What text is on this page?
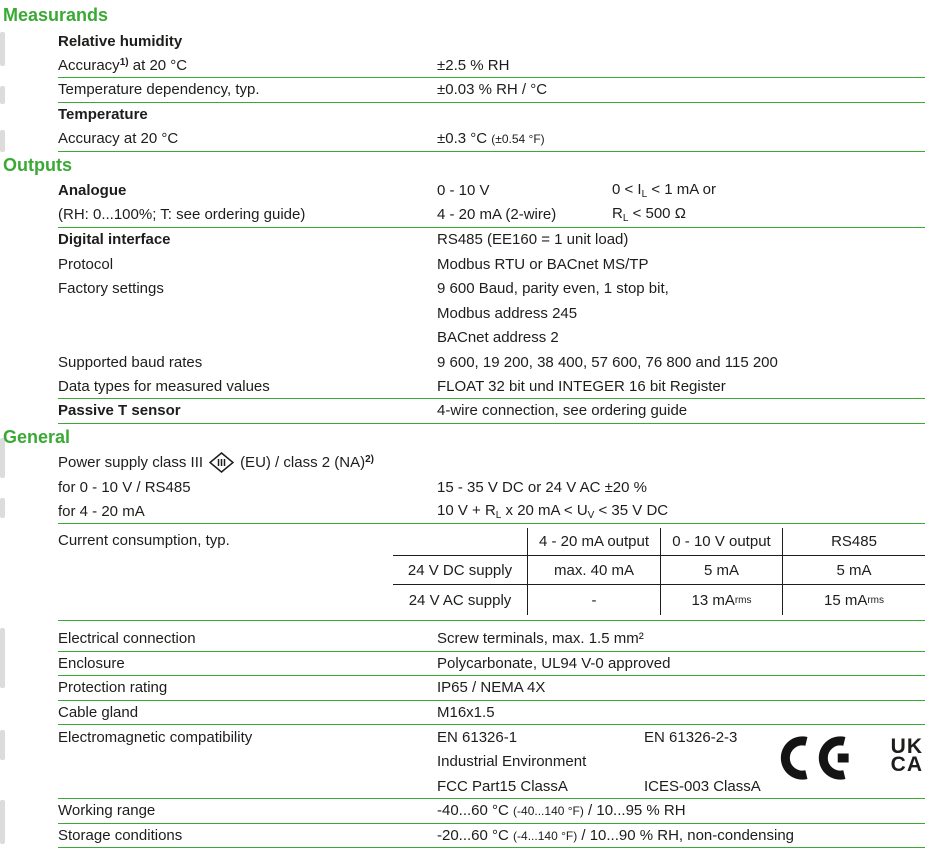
Measurands
Relative humidity
Accuracy$^{1)}$ at 20 °C	±2.5 % RH
Temperature dependency, typ.	±0.03 % RH / °C
Temperature
Accuracy at 20 °C	±0.3 °C (±0.54 °F)
Outputs
Analogue	0 - 10 V	$0 < I_L < 1$ mA or
(RH: 0...100%; T: see ordering guide)	4 - 20 mA (2-wire)	$R_L < 500$ Ω
Digital interface	RS485 (EE160 = 1 unit load)
Protocol	Modbus RTU or BACnet MS/TP
Factory settings	9 600 Baud, parity even, 1 stop bit,
Modbus address 245
BACnet address 2
Supported baud rates	9 600, 19 200, 38 400, 57 600, 76 800 and 115 200
Data types for measured values	FLOAT 32 bit und INTEGER 16 bit Register
Passive T sensor	4-wire connection, see ordering guide
General
Power supply class III (EU) / class 2 (NA)$^{2)}$
for 0 - 10 V / RS485	15 - 35 V DC or 24 V AC ±20 %
for 4 - 20 mA	10 $V + R_L$ x 20 mA < $U_V < 35$ V DC
Current consumption, typ.	4 - 20 mA output	0 - 10 V output	RS485
24 V DC supply	max. 40 mA	5 mA	5 mA
24 V AC supply	-	13 mA rms	15 mA rms
Electrical connection	Screw terminals, max. 1.5 mm²
Enclosure	Polycarbonate, UL94 V-0 approved
Protection rating	IP65 / NEMA 4X
Cable gland	M16x1.5
Electromagnetic compatibility	EN 61326-1	EN 61326-2-3
Industrial Environment
FCC Part15 ClassA	ICES-003 ClassA
UK
CA
Working range	-40...60 °C (-40...140 °F) / 10...95 % RH
Storage conditions	-20...60 °C (-4...140 °F) / 10...90 % RH, non-condensing
